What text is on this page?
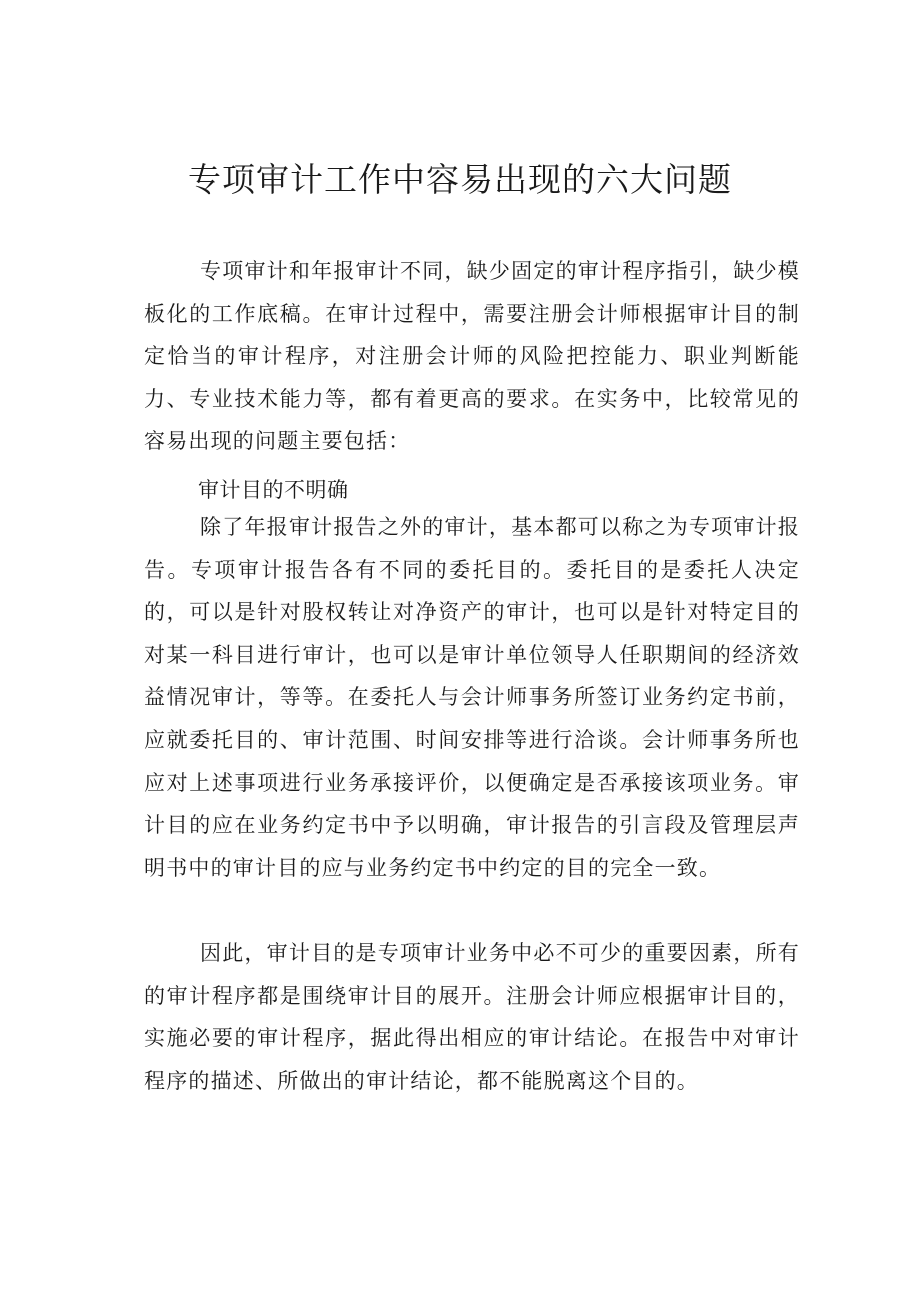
专项审计工作中容易出现的六大问题

专项审计和年报审计不同，缺少固定的审计程序指引，缺少模板化的工作底稿。在审计过程中，需要注册会计师根据审计目的制定恰当的审计程序，对注册会计师的风险把控能力、职业判断能力、专业技术能力等，都有着更高的要求。在实务中，比较常见的容易出现的问题主要包括：

审计目的不明确

除了年报审计报告之外的审计，基本都可以称之为专项审计报告。专项审计报告各有不同的委托目的。委托目的是委托人决定的，可以是针对股权转让对净资产的审计，也可以是针对特定目的对某一科目进行审计，也可以是审计单位领导人任职期间的经济效益情况审计，等等。在委托人与会计师事务所签订业务约定书前，应就委托目的、审计范围、时间安排等进行洽谈。会计师事务所也应对上述事项进行业务承接评价，以便确定是否承接该项业务。审计目的应在业务约定书中予以明确，审计报告的引言段及管理层声明书中的审计目的应与业务约定书中约定的目的完全一致。

因此，审计目的是专项审计业务中必不可少的重要因素，所有的审计程序都是围绕审计目的展开。注册会计师应根据审计目的，实施必要的审计程序，据此得出相应的审计结论。在报告中对审计程序的描述、所做出的审计结论，都不能脱离这个目的。
